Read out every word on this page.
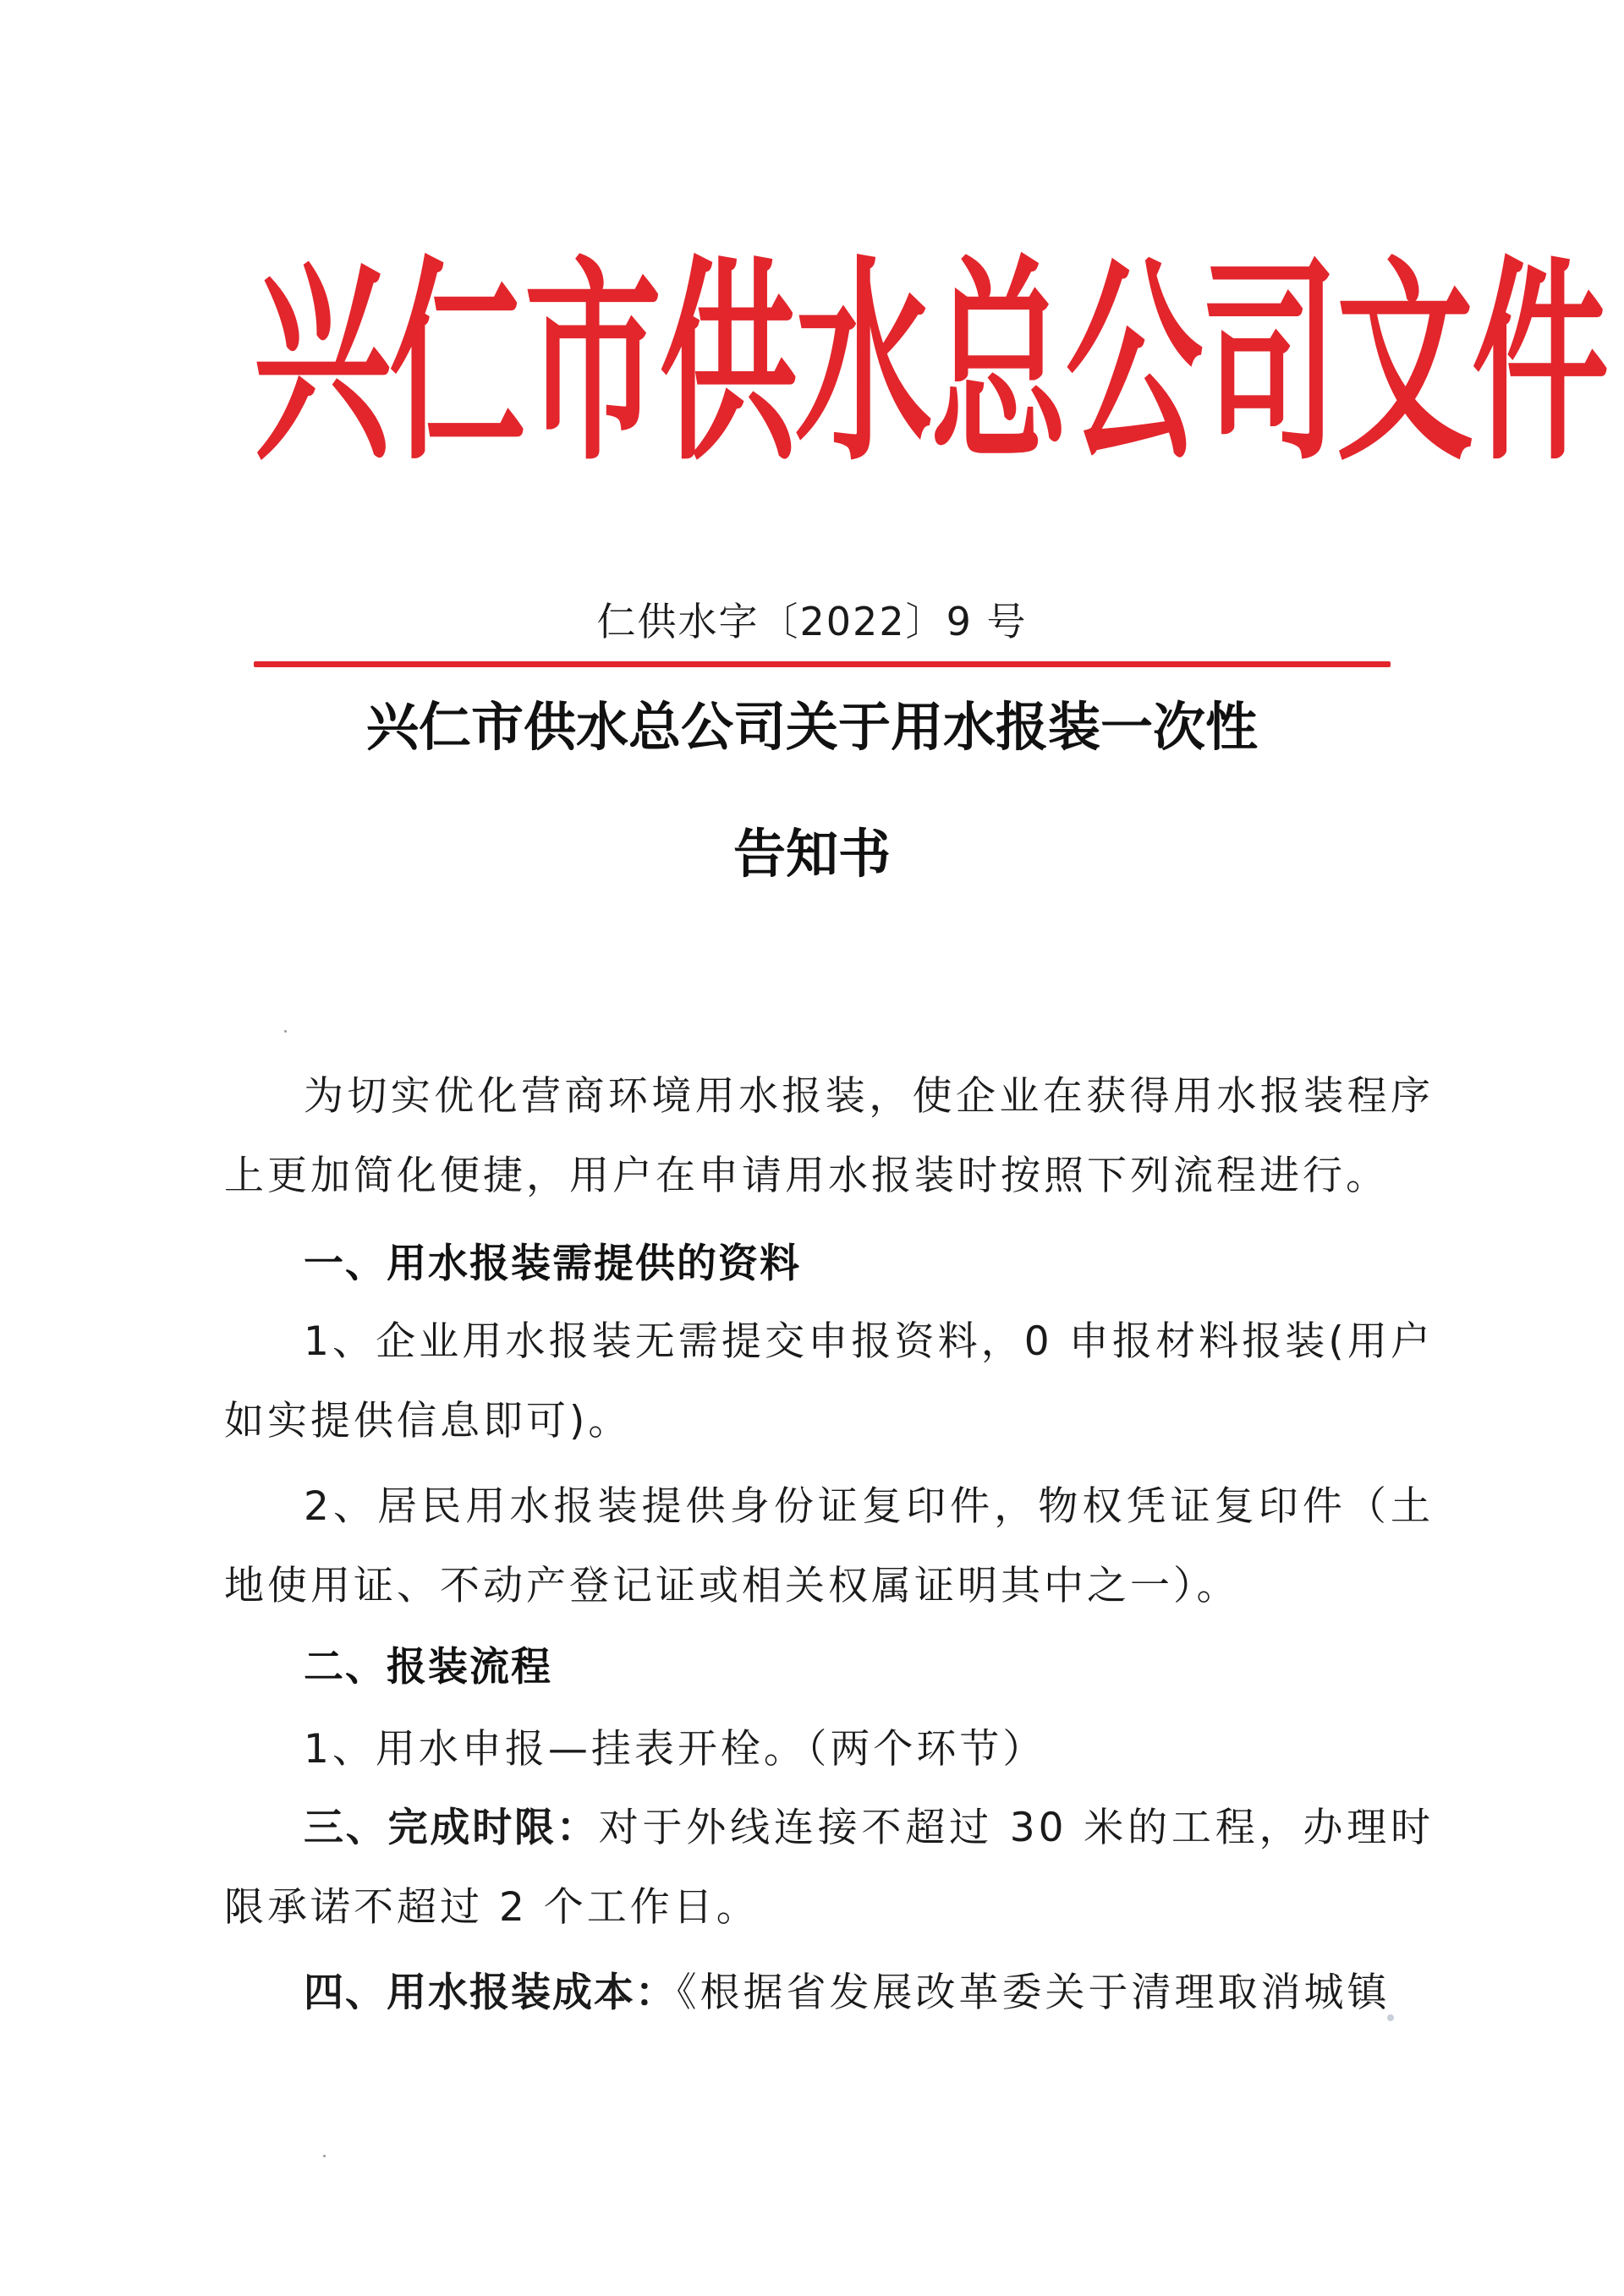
兴仁市供水总公司文件
仁供水字〔2022〕9 号
兴仁市供水总公司关于用水报装一次性
告知书

为切实优化营商环境用水报装，使企业在获得用水报装程序上更加简化便捷，用户在申请用水报装时按照下列流程进行。

一、用水报装需提供的资料

1、企业用水报装无需提交申报资料，0 申报材料报装(用户如实提供信息即可)。

2、居民用水报装提供身份证复印件，物权凭证复印件（土地使用证、不动产登记证或相关权属证明其中之一）。

二、报装流程

1、用水申报—挂表开栓。（两个环节）

三、完成时限：对于外线连接不超过 30 米的工程，办理时限承诺不超过 2 个工作日。

四、用水报装成本：《根据省发展改革委关于清理取消城镇
